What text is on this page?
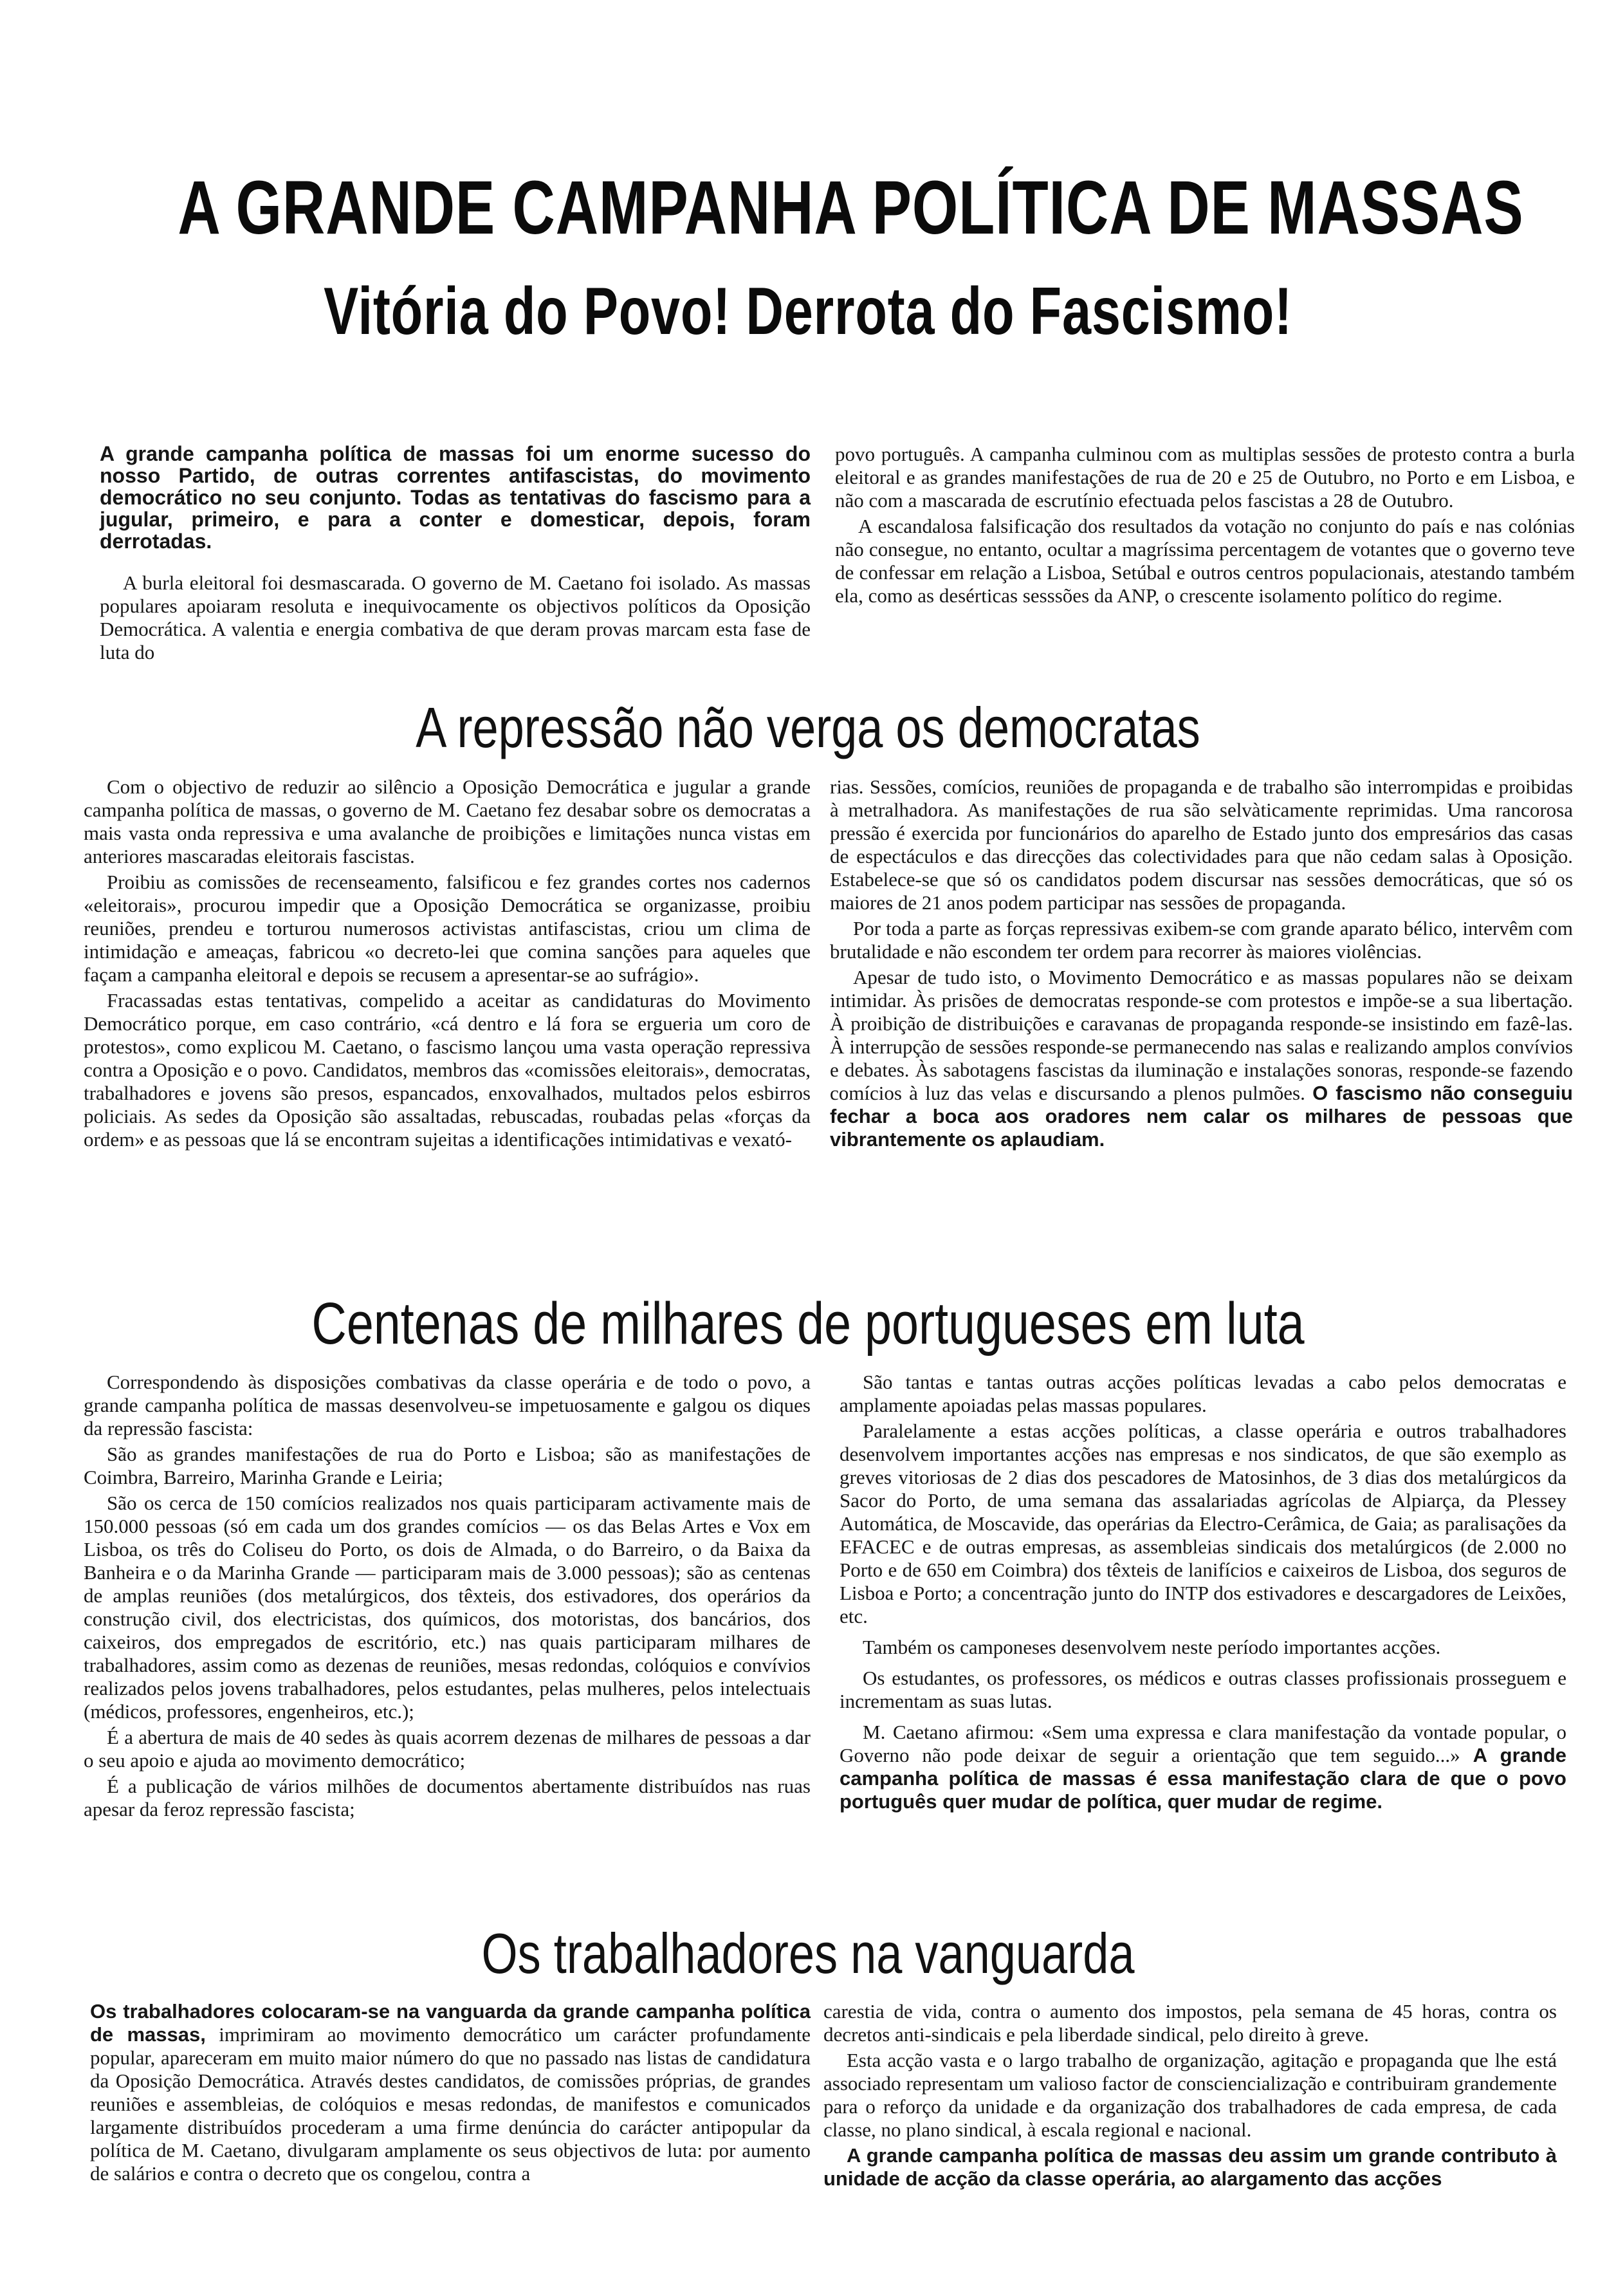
A GRANDE CAMPANHA POLÍTICA DE MASSAS
Vitória do Povo! Derrota do Fascismo!

A grande campanha política de massas foi um enorme sucesso do nosso Partido, de outras correntes antifascistas, do movimento democrático no seu conjunto. Todas as tentativas do fascismo para a jugular, primeiro, e para a conter e domesticar, depois, foram derrotadas.

A burla eleitoral foi desmascarada. O governo de M. Caetano foi isolado. As massas populares apoiaram resoluta e inequivocamente os objectivos políticos da Oposição Democrática. A valentia e energia combativa de que deram provas marcam esta fase de luta do

povo português. A campanha culminou com as multiplas sessões de protesto contra a burla eleitoral e as grandes manifestações de rua de 20 e 25 de Outubro, no Porto e em Lisboa, e não com a mascarada de escrutínio efectuada pelos fascistas a 28 de Outubro.

A escandalosa falsificação dos resultados da votação no conjunto do país e nas colónias não consegue, no entanto, ocultar a magríssima percentagem de votantes que o governo teve de confessar em relação a Lisboa, Setúbal e outros centros populacionais, atestando também ela, como as desérticas sesssões da ANP, o crescente isolamento político do regime.

A repressão não verga os democratas

Com o objectivo de reduzir ao silêncio a Oposição Democrática e jugular a grande campanha política de massas, o governo de M. Caetano fez desabar sobre os democratas a mais vasta onda repressiva e uma avalanche de proibições e limitações nunca vistas em anteriores mascaradas eleitorais fascistas.

Proibiu as comissões de recenseamento, falsificou e fez grandes cortes nos cadernos «eleitorais», procurou impedir que a Oposição Democrática se organizasse, proibiu reuniões, prendeu e torturou numerosos activistas antifascistas, criou um clima de intimidação e ameaças, fabricou «o decreto-lei que comina sanções para aqueles que façam a campanha eleitoral e depois se recusem a apresentar-se ao sufrágio».

Fracassadas estas tentativas, compelido a aceitar as candidaturas do Movimento Democrático porque, em caso contrário, «cá dentro e lá fora se ergueria um coro de protestos», como explicou M. Caetano, o fascismo lançou uma vasta operação repressiva contra a Oposição e o povo. Candidatos, membros das «comissões eleitorais», democratas, trabalhadores e jovens são presos, espancados, enxovalhados, multados pelos esbirros policiais. As sedes da Oposição são assaltadas, rebuscadas, roubadas pelas «forças da ordem» e as pessoas que lá se encontram sujeitas a identificações intimidativas e vexató-

rias. Sessões, comícios, reuniões de propaganda e de trabalho são interrompidas e proibidas à metralhadora. As manifestações de rua são selvàticamente reprimidas. Uma rancorosa pressão é exercida por funcionários do aparelho de Estado junto dos empresários das casas de espectáculos e das direcções das colectividades para que não cedam salas à Oposição. Estabelece-se que só os candidatos podem discursar nas sessões democráticas, que só os maiores de 21 anos podem participar nas sessões de propaganda.

Por toda a parte as forças repressivas exibem-se com grande aparato bélico, intervêm com brutalidade e não escondem ter ordem para recorrer às maiores violências.

Apesar de tudo isto, o Movimento Democrático e as massas populares não se deixam intimidar. Às prisões de democratas responde-se com protestos e impõe-se a sua libertação. À proibição de distribuições e caravanas de propaganda responde-se insistindo em fazê-las. À interrupção de sessões responde-se permanecendo nas salas e realizando amplos convívios e debates. Às sabotagens fascistas da iluminação e instalações sonoras, responde-se fazendo comícios à luz das velas e discursando a plenos pulmões. O fascismo não conseguiu fechar a boca aos oradores nem calar os milhares de pessoas que vibrantemente os aplaudiam.

Centenas de milhares de portugueses em luta

Correspondendo às disposições combativas da classe operária e de todo o povo, a grande campanha política de massas desenvolveu-se impetuosamente e galgou os diques da repressão fascista:

São as grandes manifestações de rua do Porto e Lisboa; são as manifestações de Coimbra, Barreiro, Marinha Grande e Leiria;

São os cerca de 150 comícios realizados nos quais participaram activamente mais de 150.000 pessoas (só em cada um dos grandes comícios — os das Belas Artes e Vox em Lisboa, os três do Coliseu do Porto, os dois de Almada, o do Barreiro, o da Baixa da Banheira e o da Marinha Grande — participaram mais de 3.000 pessoas); são as centenas de amplas reuniões (dos metalúrgicos, dos têxteis, dos estivadores, dos operários da construção civil, dos electricistas, dos químicos, dos motoristas, dos bancários, dos caixeiros, dos empregados de escritório, etc.) nas quais participaram milhares de trabalhadores, assim como as dezenas de reuniões, mesas redondas, colóquios e convívios realizados pelos jovens trabalhadores, pelos estudantes, pelas mulheres, pelos intelectuais (médicos, professores, engenheiros, etc.);

É a abertura de mais de 40 sedes às quais acorrem dezenas de milhares de pessoas a dar o seu apoio e ajuda ao movimento democrático;

É a publicação de vários milhões de documentos abertamente distribuídos nas ruas apesar da feroz repressão fascista;

São tantas e tantas outras acções políticas levadas a cabo pelos democratas e amplamente apoiadas pelas massas populares.

Paralelamente a estas acções políticas, a classe operária e outros trabalhadores desenvolvem importantes acções nas empresas e nos sindicatos, de que são exemplo as greves vitoriosas de 2 dias dos pescadores de Matosinhos, de 3 dias dos metalúrgicos da Sacor do Porto, de uma semana das assalariadas agrícolas de Alpiarça, da Plessey Automática, de Moscavide, das operárias da Electro-Cerâmica, de Gaia; as paralisações da EFACEC e de outras empresas, as assembleias sindicais dos metalúrgicos (de 2.000 no Porto e de 650 em Coimbra) dos têxteis de lanifícios e caixeiros de Lisboa, dos seguros de Lisboa e Porto; a concentração junto do INTP dos estivadores e descargadores de Leixões, etc.

Também os camponeses desenvolvem neste período importantes acções.

Os estudantes, os professores, os médicos e outras classes profissionais prosseguem e incrementam as suas lutas.

M. Caetano afirmou: «Sem uma expressa e clara manifestação da vontade popular, o Governo não pode deixar de seguir a orientação que tem seguido...» A grande campanha política de massas é essa manifestação clara de que o povo português quer mudar de política, quer mudar de regime.

Os trabalhadores na vanguarda

Os trabalhadores colocaram-se na vanguarda da grande campanha política de massas, imprimiram ao movimento democrático um carácter profundamente popular, apareceram em muito maior número do que no passado nas listas de candidatura da Oposição Democrática. Através destes candidatos, de comissões próprias, de grandes reuniões e assembleias, de colóquios e mesas redondas, de manifestos e comunicados largamente distribuídos procederam a uma firme denúncia do carácter antipopular da política de M. Caetano, divulgaram amplamente os seus objectivos de luta: por aumento de salários e contra o decreto que os congelou, contra a

carestia de vida, contra o aumento dos impostos, pela semana de 45 horas, contra os decretos anti-sindicais e pela liberdade sindical, pelo direito à greve.

Esta acção vasta e o largo trabalho de organização, agitação e propaganda que lhe está associado representam um valioso factor de consciencialização e contribuiram grandemente para o reforço da unidade e da organização dos trabalhadores de cada empresa, de cada classe, no plano sindical, à escala regional e nacional.

A grande campanha política de massas deu assim um grande contributo à unidade de acção da classe operária, ao alargamento das acções
